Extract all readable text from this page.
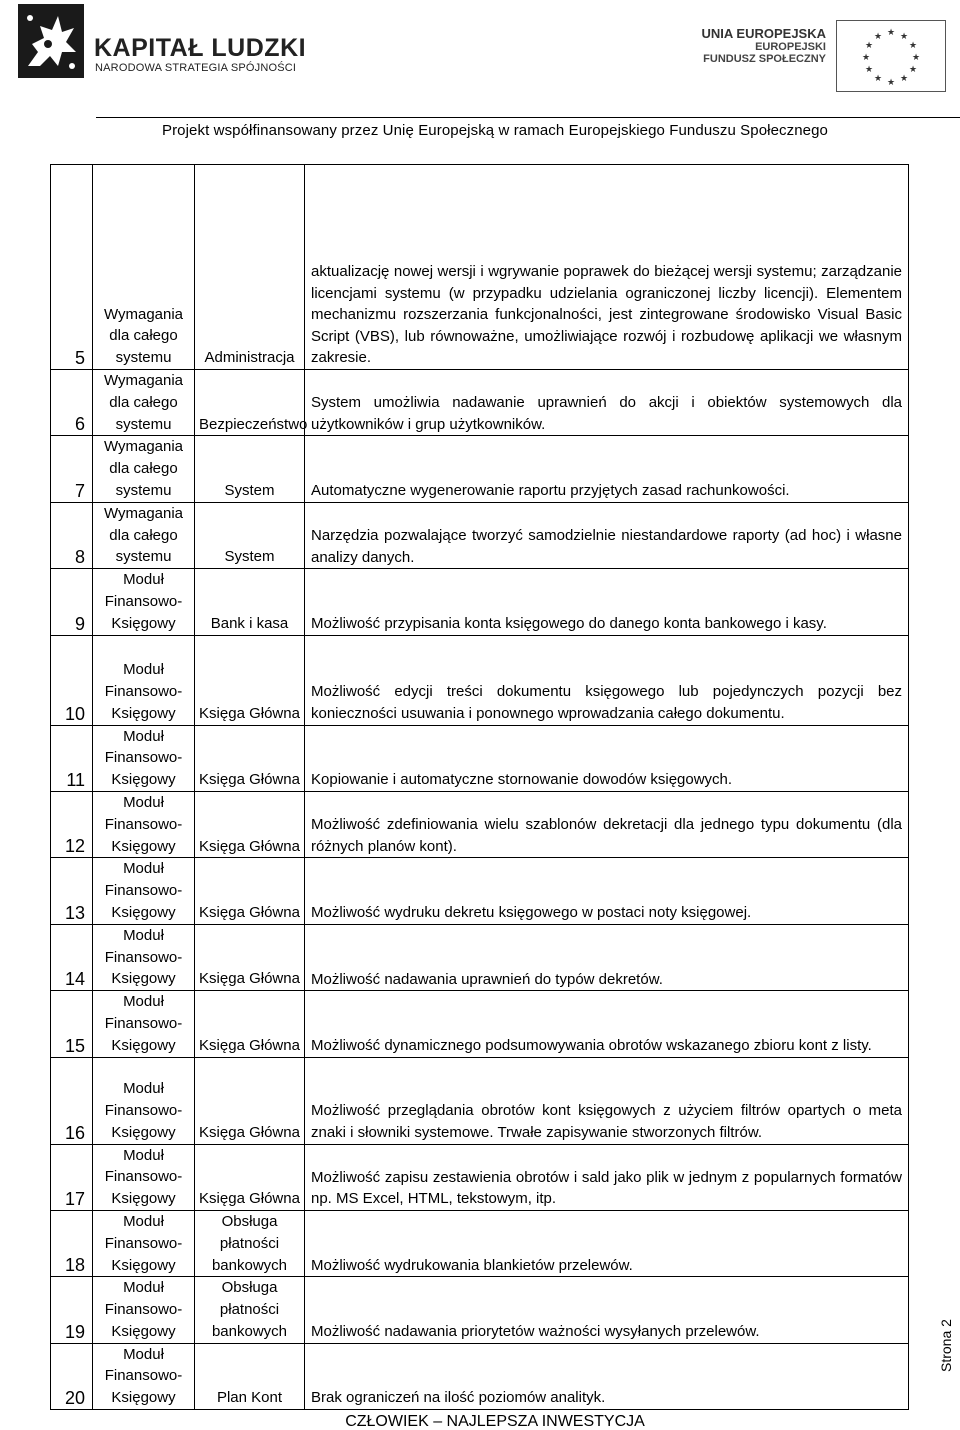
KAPITAŁ LUDZKI
NARODOWA STRATEGIA SPÓJNOŚCI
UNIA EUROPEJSKA
EUROPEJSKI
FUNDUSZ SPOŁECZNY
★ ★
★
★
★
★
★
★
★
★
★
★
Projekt współfinansowany przez Unię Europejską w ramach Europejskiego Funduszu Społecznego
5	Wymagania dla całego systemu	Administracja	aktualizację nowej wersji i wgrywanie poprawek do bieżącej wersji systemu; zarządzanie licencjami systemu (w przypadku udzielania ograniczonej liczby licencji). Elementem mechanizmu rozszerzania funkcjonalności, jest zintegrowane środowisko Visual Basic Script (VBS), lub równoważne, umożliwiające rozwój i rozbudowę aplikacji we własnym zakresie.
6	Wymagania dla całego systemu	Bezpieczeństwo	System umożliwia nadawanie uprawnień do akcji i obiektów systemowych dla użytkowników i grup użytkowników.
7	Wymagania dla całego systemu	System	Automatyczne wygenerowanie raportu przyjętych zasad rachunkowości.
8	Wymagania dla całego systemu	System	Narzędzia pozwalające tworzyć samodzielnie niestandardowe raporty (ad hoc) i własne analizy danych.
9	Moduł Finansowo-Księgowy	Bank i kasa	Możliwość przypisania konta księgowego do danego konta bankowego i kasy.
10	Moduł Finansowo-Księgowy	Księga Główna	Możliwość edycji treści dokumentu księgowego lub pojedynczych pozycji bez konieczności usuwania i ponownego wprowadzania całego dokumentu.
11	Moduł Finansowo-Księgowy	Księga Główna	Kopiowanie i automatyczne stornowanie dowodów księgowych.
12	Moduł Finansowo-Księgowy	Księga Główna	Możliwość zdefiniowania wielu szablonów dekretacji dla jednego typu dokumentu (dla różnych planów kont).
13	Moduł Finansowo-Księgowy	Księga Główna	Możliwość wydruku dekretu księgowego w postaci noty księgowej.
14	Moduł Finansowo-Księgowy	Księga Główna	Możliwość nadawania uprawnień do typów dekretów.
15	Moduł Finansowo-Księgowy	Księga Główna	Możliwość dynamicznego podsumowywania obrotów wskazanego zbioru kont z listy.
16	Moduł Finansowo-Księgowy	Księga Główna	Możliwość przeglądania obrotów kont księgowych z użyciem filtrów opartych o meta znaki i słowniki systemowe. Trwałe zapisywanie stworzonych filtrów.
17	Moduł Finansowo-Księgowy	Księga Główna	Możliwość zapisu zestawienia obrotów i sald jako plik w jednym z popularnych formatów np. MS Excel, HTML, tekstowym, itp.
18	Moduł Finansowo-Księgowy	Obsługa płatności bankowych	Możliwość wydrukowania blankietów przelewów.
19	Moduł Finansowo-Księgowy	Obsługa płatności bankowych	Możliwość nadawania priorytetów ważności wysyłanych przelewów.
20	Moduł Finansowo-Księgowy	Plan Kont	Brak ograniczeń na ilość poziomów analityk.
Strona 2
CZŁOWIEK – NAJLEPSZA INWESTYCJA
